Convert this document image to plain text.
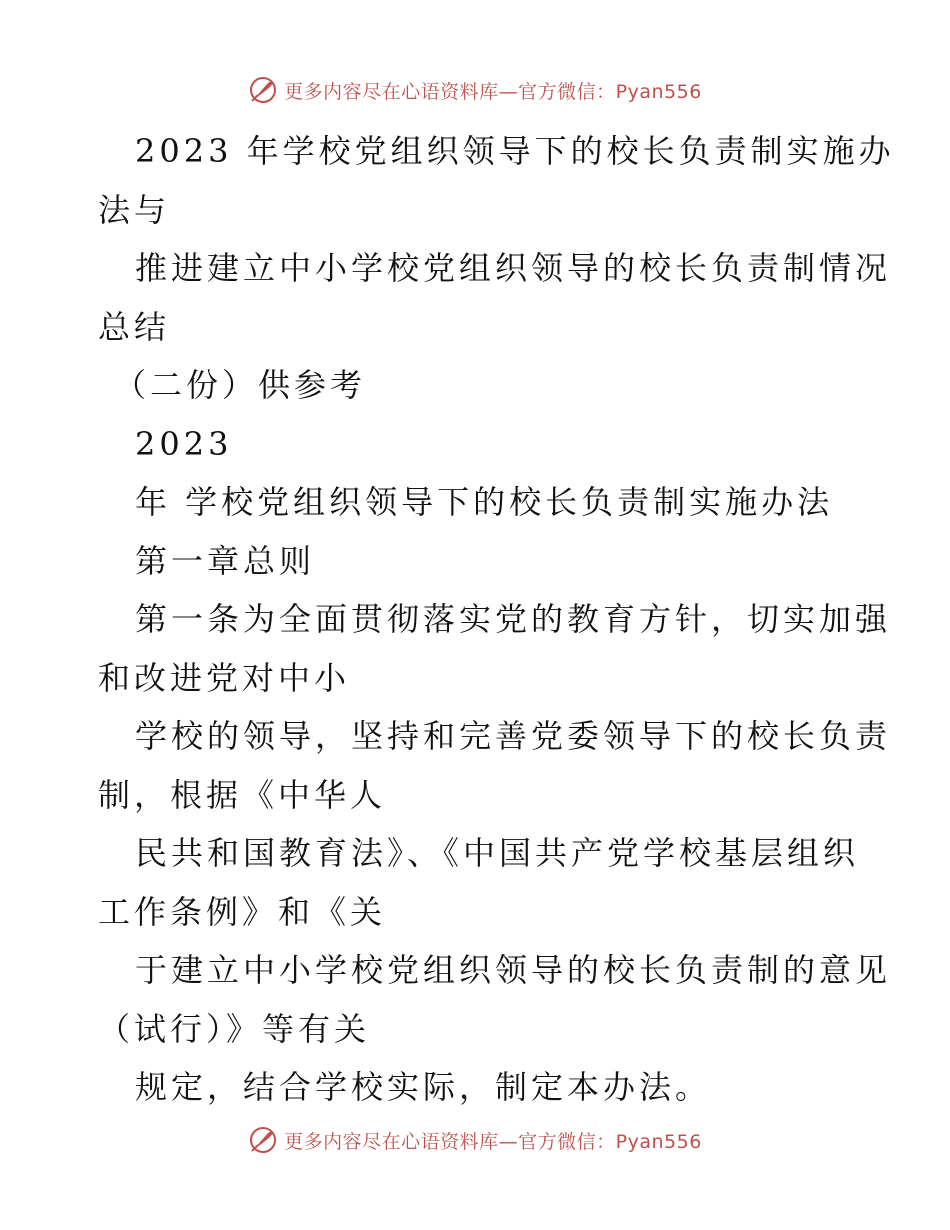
更多内容尽在心语资料库—官方微信：Pyan556
2023 年学校党组织领导下的校长负责制实施办
法与
推进建立中小学校党组织领导的校长负责制情况
总结
（二份）供参考
2023
年 学校党组织领导下的校长负责制实施办法
第一章总则
第一条为全面贯彻落实党的教育方针，切实加强
和改进党对中小
学校的领导，坚持和完善党委领导下的校长负责
制，根据《中华人
民共和国教育法》、《中国共产党学校基层组织
工作条例》和《关
于建立中小学校党组织领导的校长负责制的意见
（试行）》等有关
规定，结合学校实际，制定本办法。
更多内容尽在心语资料库—官方微信：Pyan556
